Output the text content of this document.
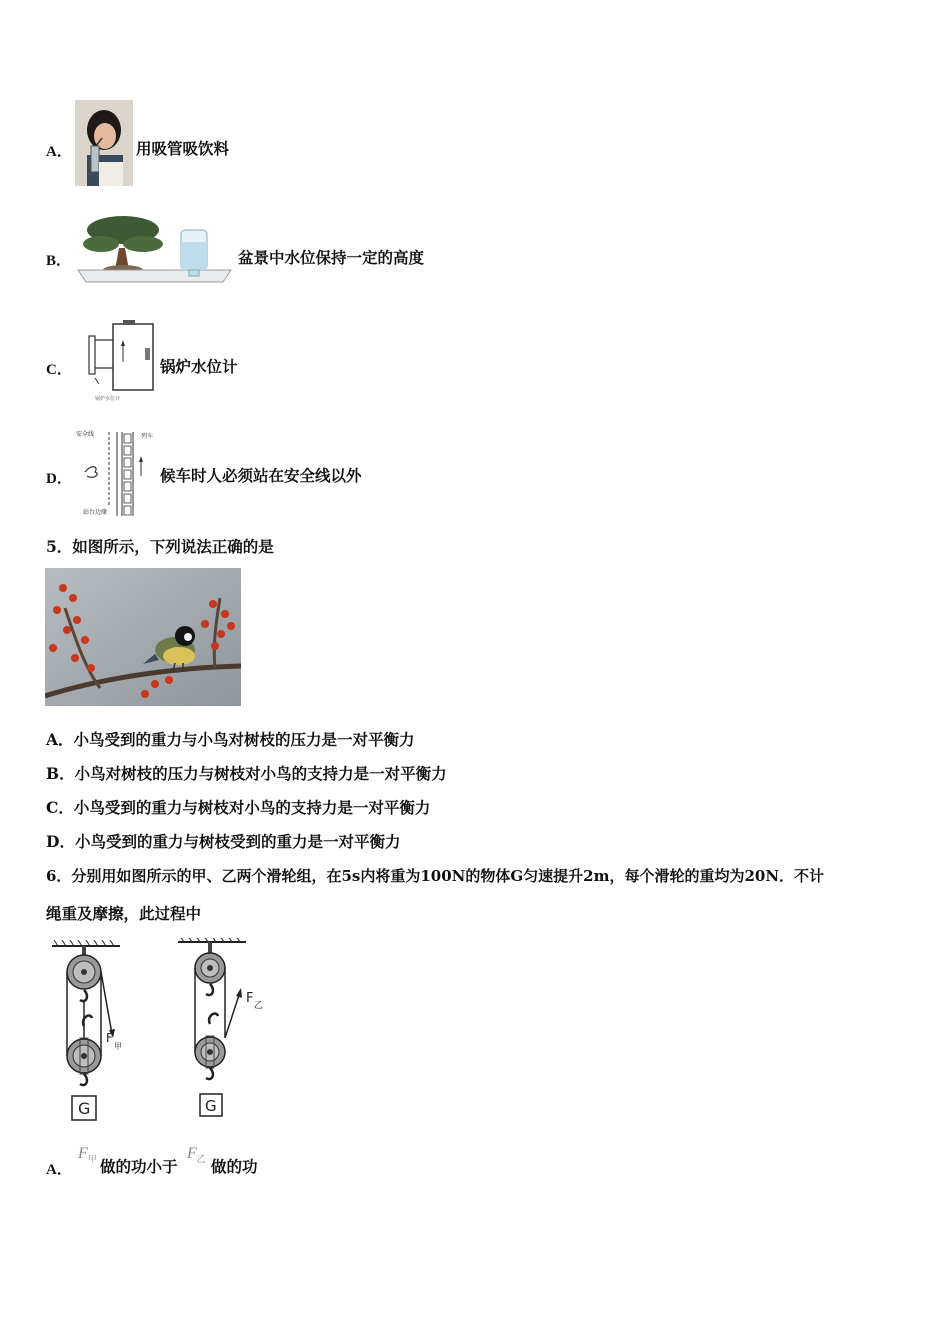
A．	用吸管吸饮料
B．	盆景中水位保持一定的高度
C．
锅炉水位计
锅炉水位计
D．
安全线	列车
站台边缘
候车时人必须站在安全线以外
5．如图所示，下列说法正确的是
A．小鸟受到的重力与小鸟对树枝的压力是一对平衡力
B．小鸟对树枝的压力与树枝对小鸟的支持力是一对平衡力
C．小鸟受到的重力与树枝对小鸟的支持力是一对平衡力
D．小鸟受到的重力与树枝受到的重力是一对平衡力
6．分别用如图所示的甲、乙两个滑轮组，在5s内将重为100N的物体G匀速提升2m，每个滑轮的重均为20N．不计
绳重及摩擦，此过程中
G
F
甲
G
F 乙
A．
$F_甲$ 做的功小于
$F_乙$ 做的功
